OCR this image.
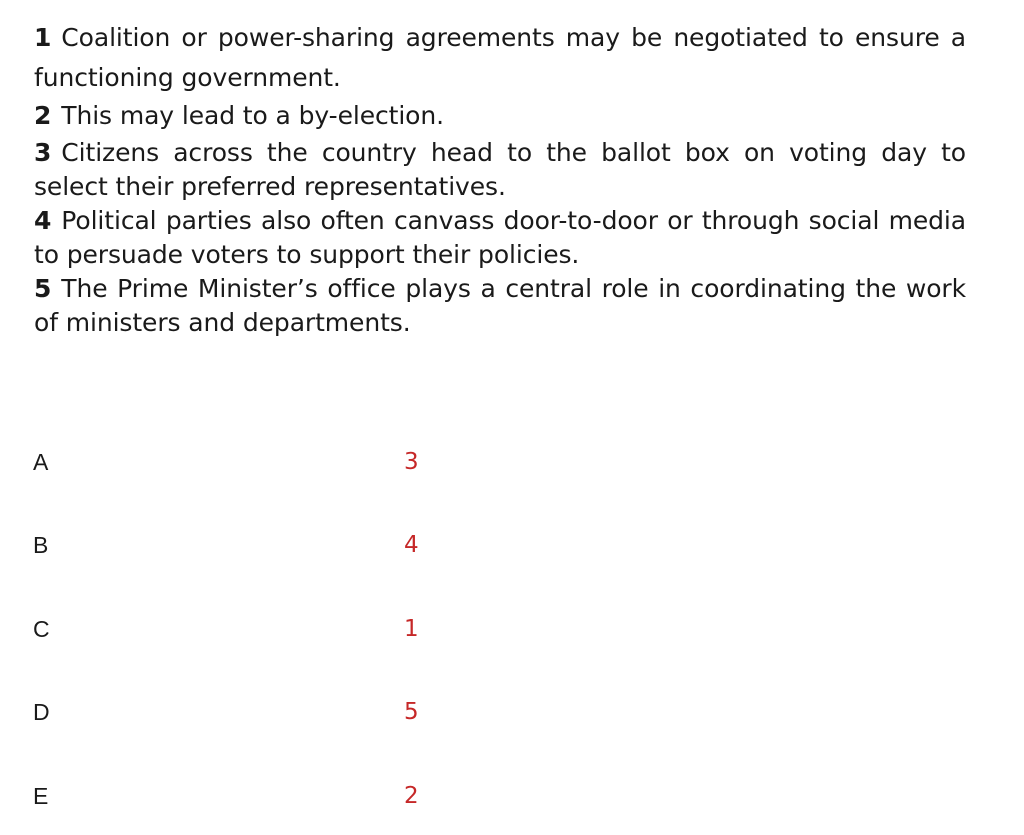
1 Coalition or power-sharing agreements may be negotiated to ensure a functioning government.
2 This may lead to a by-election.
3 Citizens across the country head to the ballot box on voting day to select their preferred representatives.
4 Political parties also often canvass door-to-door or through social media to persuade voters to support their policies.
5 The Prime Minister’s office plays a central role in coordinating the work of ministers and departments.
A	3
B	4
C	1
D	5
E	2
